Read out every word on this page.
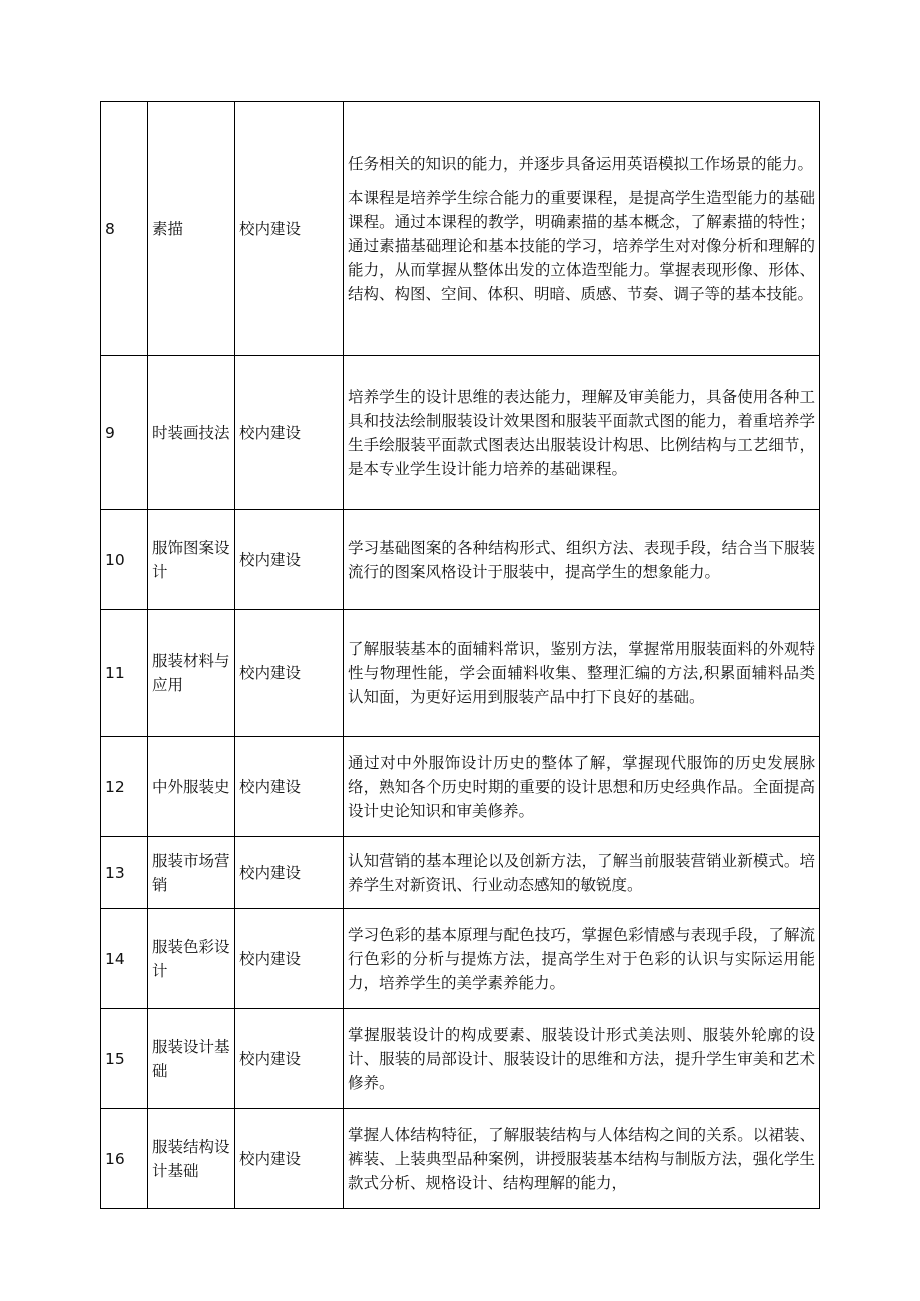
8	素描	校内建设	任务相关的知识的能力，并逐步具备运用英语模拟工作场景的能力。

本课程是培养学生综合能力的重要课程，是提高学生造型能力的基础课程。通过本课程的教学，明确素描的基本概念，了解素描的特性；通过素描基础理论和基本技能的学习，培养学生对对像分析和理解的能力，从而掌握从整体出发的立体造型能力。掌握表现形像、形体、结构、构图、空间、体积、明暗、质感、节奏、调子等的基本技能。

9	时装画技法	校内建设	培养学生的设计思维的表达能力，理解及审美能力，具备使用各种工具和技法绘制服装设计效果图和服装平面款式图的能力，着重培养学生手绘服装平面款式图表达出服装设计构思、比例结构与工艺细节，是本专业学生设计能力培养的基础课程。

10	服饰图案设计	校内建设	学习基础图案的各种结构形式、组织方法、表现手段，结合当下服装流行的图案风格设计于服装中，提高学生的想象能力。

11	服装材料与应用	校内建设	了解服装基本的面辅料常识，鉴别方法，掌握常用服装面料的外观特性与物理性能，学会面辅料收集、整理汇编的方法,积累面辅料品类认知面，为更好运用到服装产品中打下良好的基础。

12	中外服装史	校内建设	通过对中外服饰设计历史的整体了解，掌握现代服饰的历史发展脉络，熟知各个历史时期的重要的设计思想和历史经典作品。全面提高设计史论知识和审美修养。

13	服装市场营销	校内建设	认知营销的基本理论以及创新方法，了解当前服装营销业新模式。培养学生对新资讯、行业动态感知的敏锐度。

14	服装色彩设计	校内建设	学习色彩的基本原理与配色技巧，掌握色彩情感与表现手段，了解流行色彩的分析与提炼方法，提高学生对于色彩的认识与实际运用能力，培养学生的美学素养能力。

15	服装设计基础	校内建设	掌握服装设计的构成要素、服装设计形式美法则、服装外轮廓的设计、服装的局部设计、服装设计的思维和方法，提升学生审美和艺术修养。

16	服装结构设计基础	校内建设	掌握人体结构特征，了解服装结构与人体结构之间的关系。以裙装、裤装、上装典型品种案例，讲授服装基本结构与制版方法，强化学生款式分析、规格设计、结构理解的能力，
